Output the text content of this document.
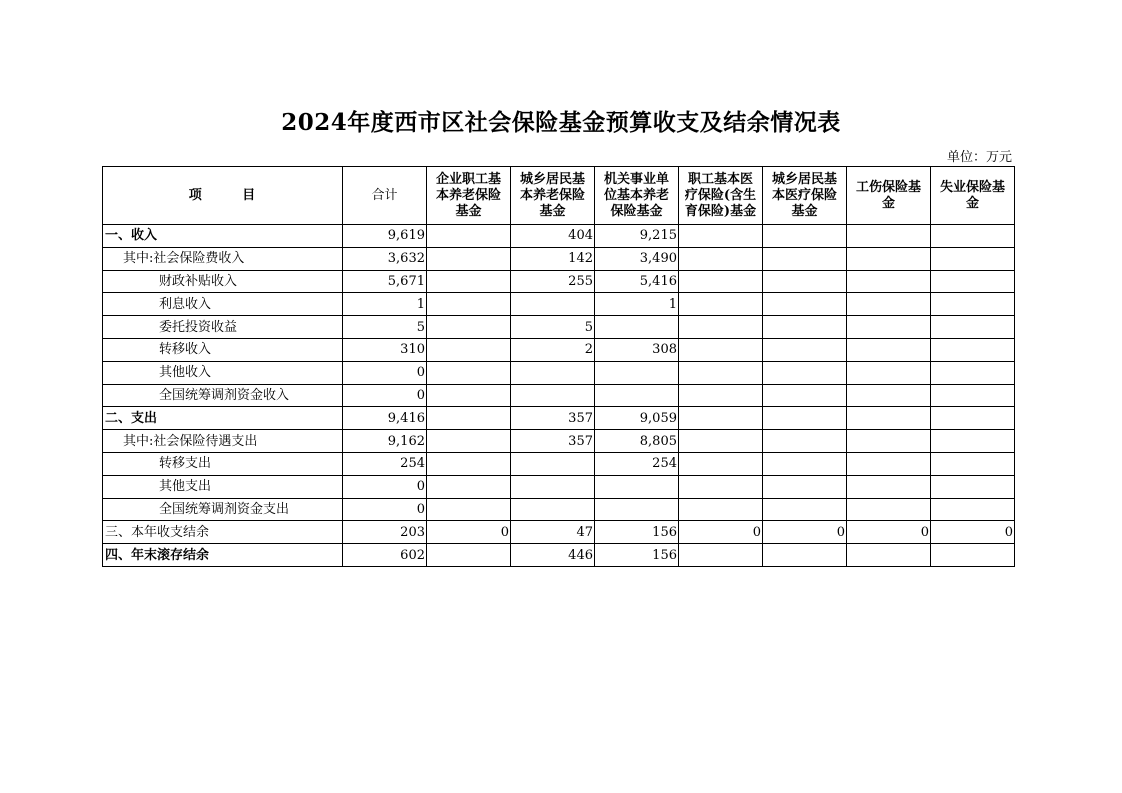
2024年度西市区社会保险基金预算收支及结余情况表
单位：万元
项 目	合计	企业职工基本养老保险基金	城乡居民基本养老保险基金	机关事业单位基本养老保险基金	职工基本医疗保险(含生育保险)基金	城乡居民基本医疗保险基金	工伤保险基金	失业保险基金
一、收入	9,619		404	9,215				
其中:社会保险费收入	3,632		142	3,490				
财政补贴收入	5,671		255	5,416				
利息收入	1			1				
委托投资收益	5		5					
转移收入	310		2	308				
其他收入	0							
全国统筹调剂资金收入	0							
二、支出	9,416		357	9,059				
其中:社会保险待遇支出	9,162		357	8,805				
转移支出	254			254				
其他支出	0							
全国统筹调剂资金支出	0							
三、本年收支结余	203	0	47	156	0	0	0	0
四、年末滚存结余	602		446	156				
